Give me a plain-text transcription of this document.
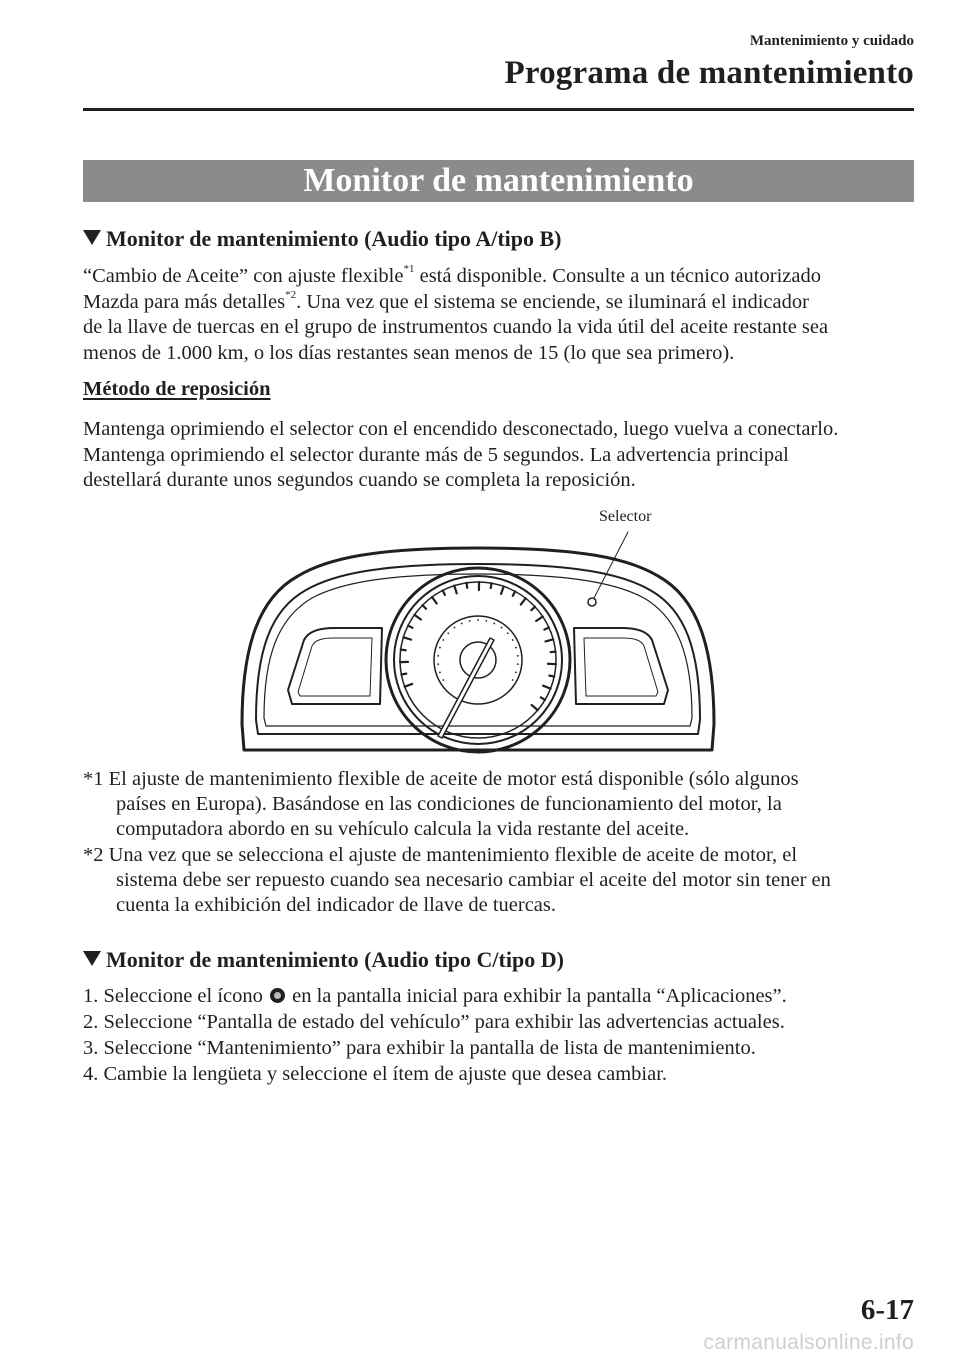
Mantenimiento y cuidado
Programa de mantenimiento
Monitor de mantenimiento
Monitor de mantenimiento (Audio tipo A/tipo B)
“Cambio de Aceite” con ajuste flexible$^{*1}$ está disponible. Consulte a un técnico autorizado
Mazda para más detalles$^{*2}$. Una vez que el sistema se enciende, se iluminará el indicador
de la llave de tuercas en el grupo de instrumentos cuando la vida útil del aceite restante sea
menos de 1.000 km, o los días restantes sean menos de 15 (lo que sea primero).
Método de reposición
Mantenga oprimiendo el selector con el encendido desconectado, luego vuelva a conectarlo.
Mantenga oprimiendo el selector durante más de 5 segundos. La advertencia principal
destellará durante unos segundos cuando se completa la reposición.
Selector
*1 El ajuste de mantenimiento flexible de aceite de motor está disponible (sólo algunos
países en Europa). Basándose en las condiciones de funcionamiento del motor, la
computadora abordo en su vehículo calcula la vida restante del aceite.
*2 Una vez que se selecciona el ajuste de mantenimiento flexible de aceite de motor, el
sistema debe ser repuesto cuando sea necesario cambiar el aceite del motor sin tener en
cuenta la exhibición del indicador de llave de tuercas.
Monitor de mantenimiento (Audio tipo C/tipo D)
1. Seleccione el ícono  en la pantalla inicial para exhibir la pantalla “Aplicaciones”.
2. Seleccione “Pantalla de estado del vehículo” para exhibir las advertencias actuales.
3. Seleccione “Mantenimiento” para exhibir la pantalla de lista de mantenimiento.
4. Cambie la lengüeta y seleccione el ítem de ajuste que desea cambiar.
6-17
carmanualsonline.info
